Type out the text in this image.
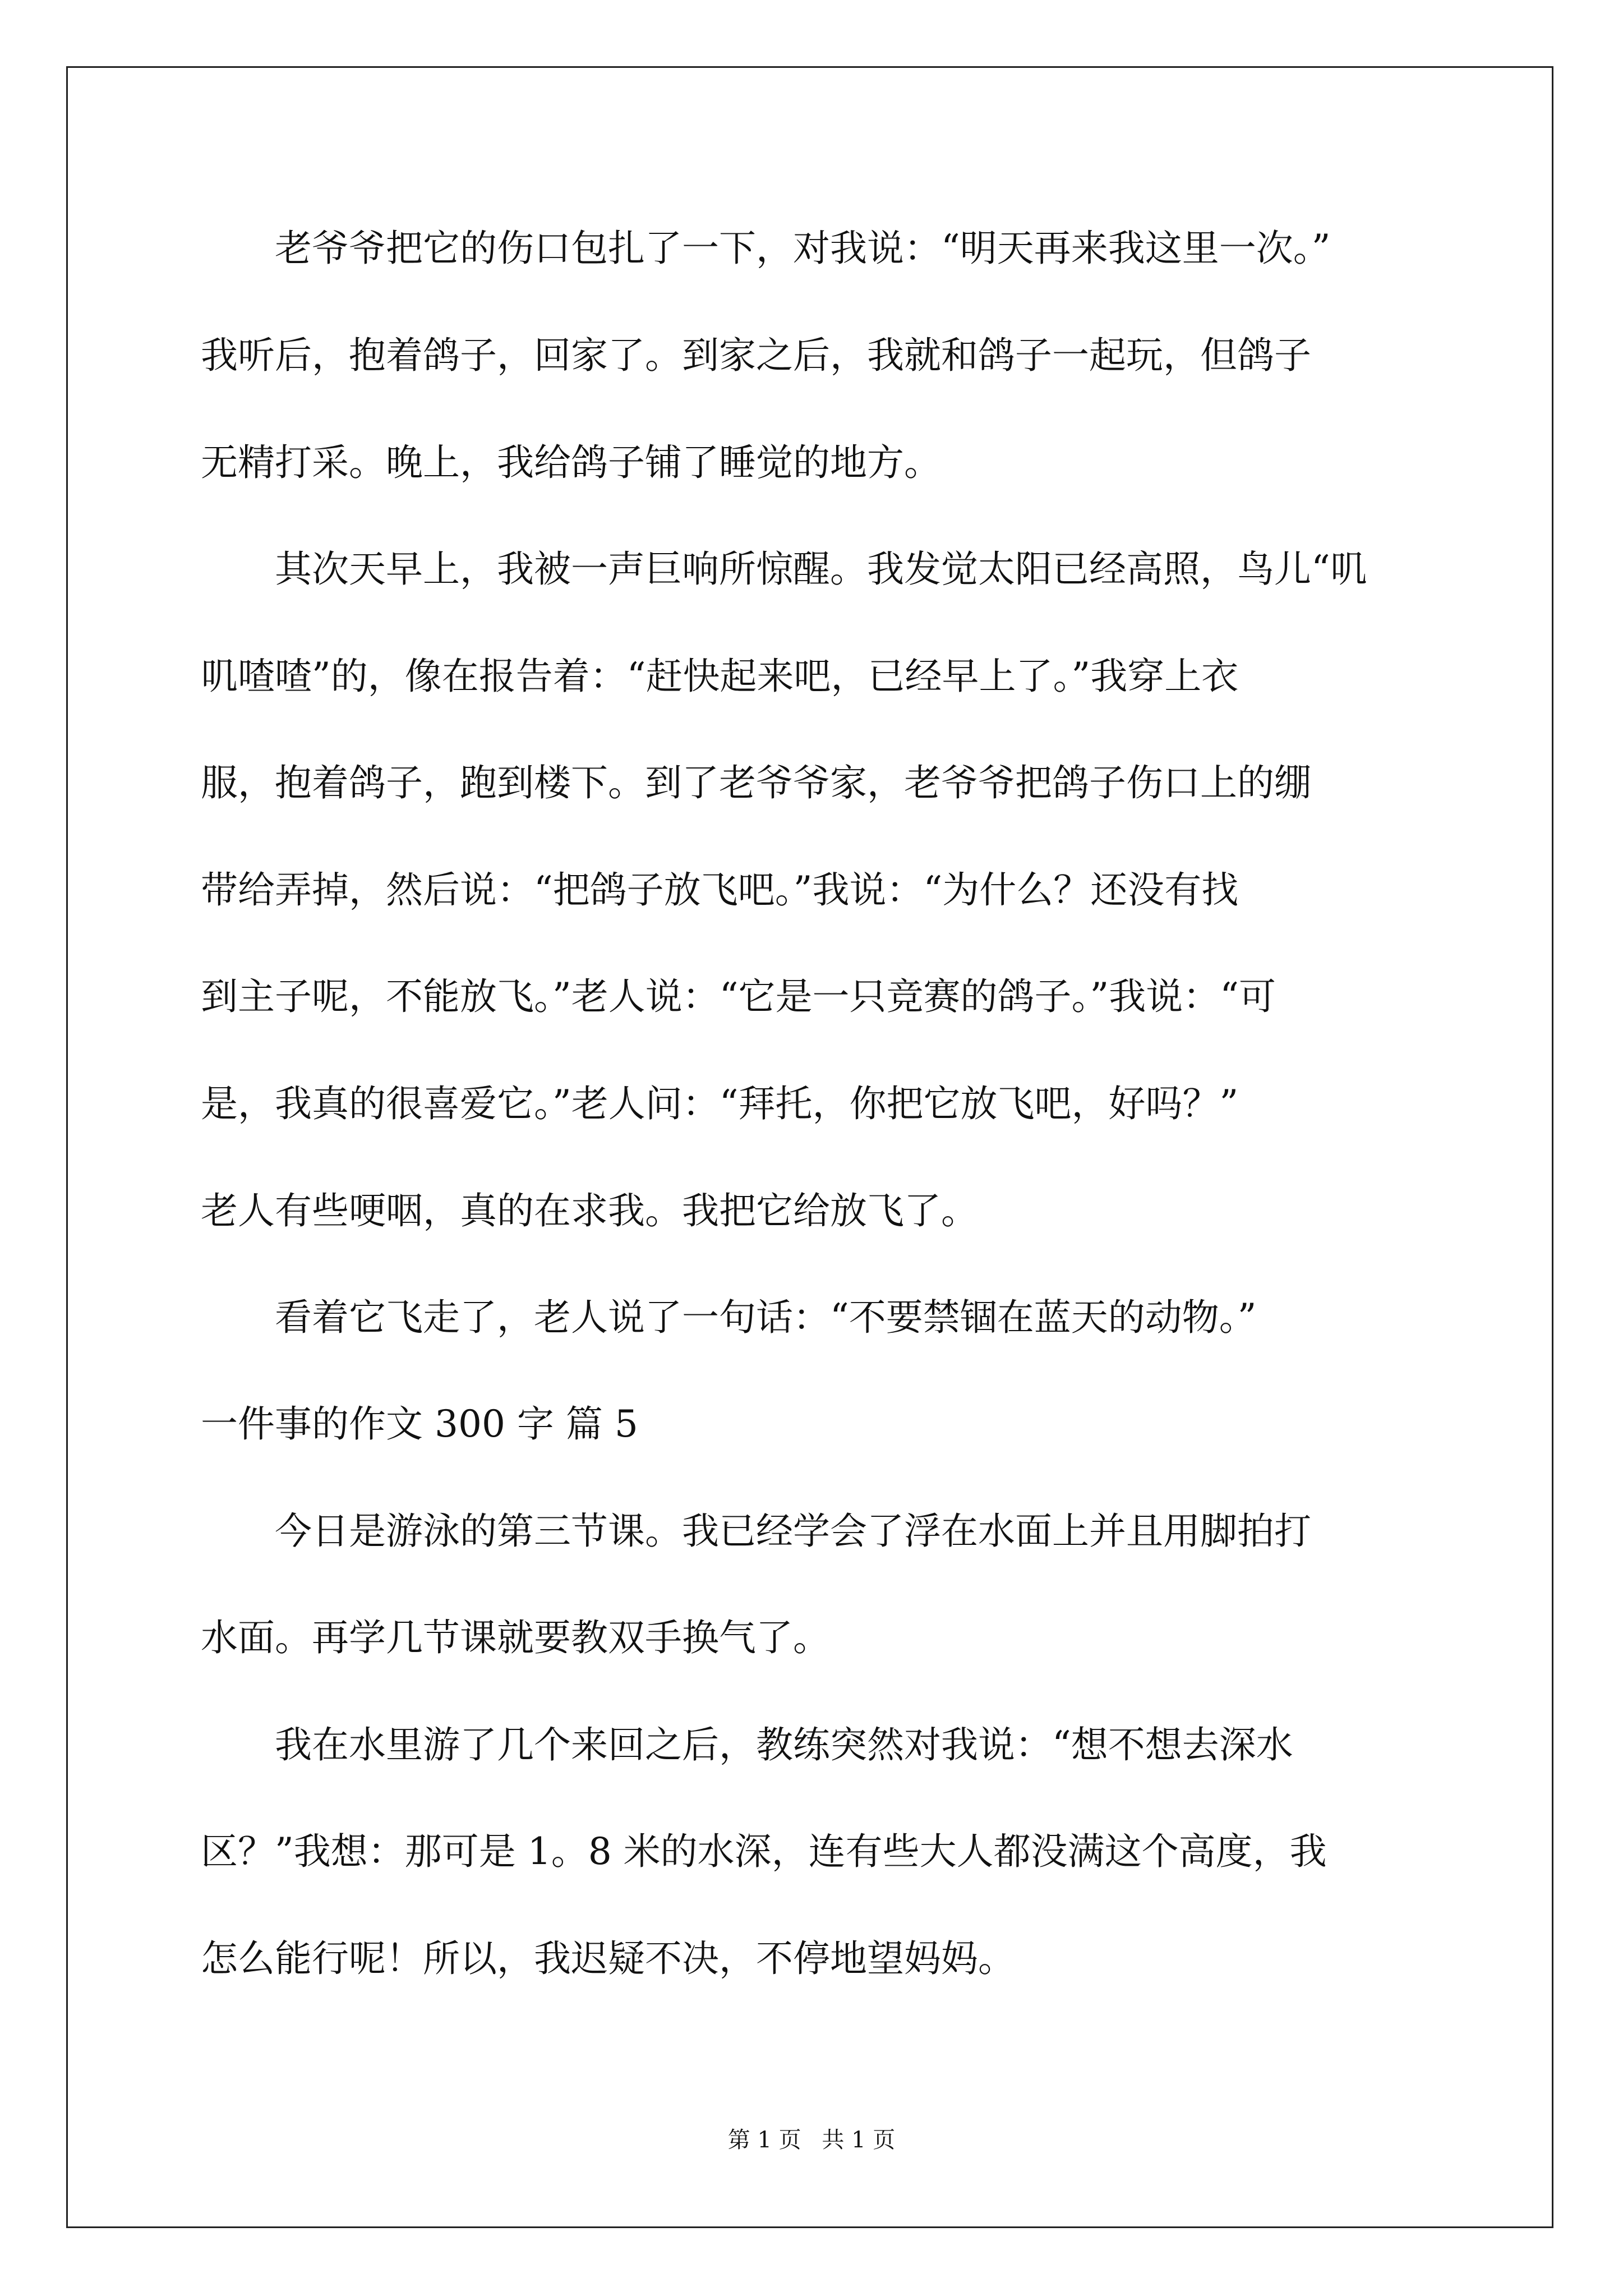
　　老爷爷把它的伤口包扎了一下，对我说：“明天再来我这里一次。”
我听后，抱着鸽子，回家了。到家之后，我就和鸽子一起玩，但鸽子
无精打采。晚上，我给鸽子铺了睡觉的地方。
　　其次天早上，我被一声巨响所惊醒。我发觉太阳已经高照，鸟儿“叽
叽喳喳”的，像在报告着：“赶快起来吧，已经早上了。”我穿上衣
服，抱着鸽子，跑到楼下。到了老爷爷家，老爷爷把鸽子伤口上的绷
带给弄掉，然后说：“把鸽子放飞吧。”我说：“为什么？还没有找
到主子呢，不能放飞。”老人说：“它是一只竞赛的鸽子。”我说：“可
是，我真的很喜爱它。”老人问：“拜托，你把它放飞吧，好吗？”
老人有些哽咽，真的在求我。我把它给放飞了。
　　看着它飞走了，老人说了一句话：“不要禁锢在蓝天的动物。”
一件事的作文 300 字 篇 5
　　今日是游泳的第三节课。我已经学会了浮在水面上并且用脚拍打
水面。再学几节课就要教双手换气了。
　　我在水里游了几个来回之后，教练突然对我说：“想不想去深水
区？”我想：那可是 1。8 米的水深，连有些大人都没满这个高度，我
怎么能行呢！所以，我迟疑不决，不停地望妈妈。
第 1 页 共 1 页
